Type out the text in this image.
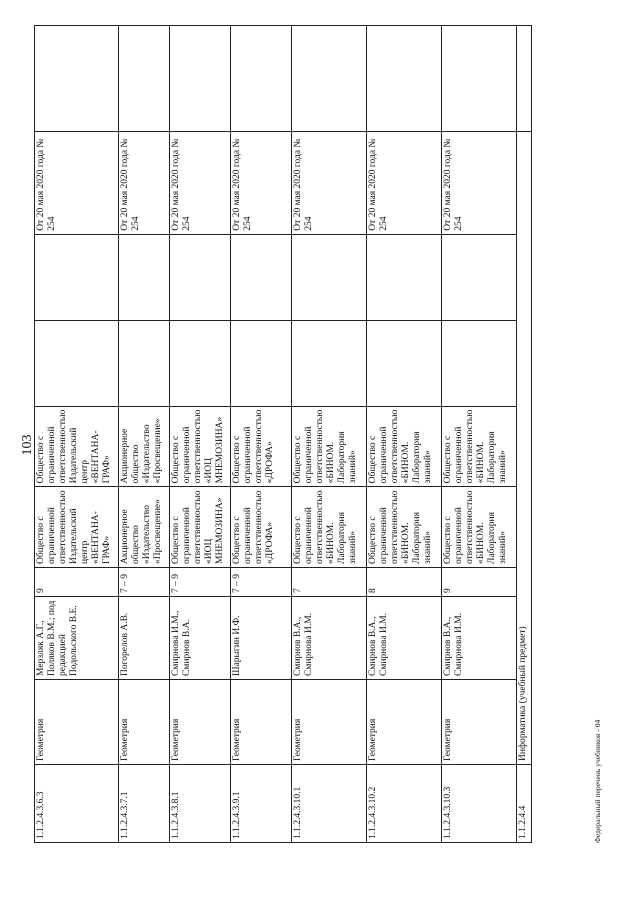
103
1.1.2.4.3.6.3	Геометрия	Мерзляк А.Г., Поляков В.М.; под редакцией Подольского В.Е.	9	Общество с ограниченной ответственностью Издательский центр «ВЕНТАНА-ГРАФ»	Общество с ограниченной ответственностью Издательский центр «ВЕНТАНА-ГРАФ»			От 20 мая 2020 года № 254	
1.1.2.4.3.7.1	Геометрия	Погорелов А.В.	7 – 9	Акционерное общество «Издательство «Просвещение»	Акционерное общество «Издательство «Просвещение»			От 20 мая 2020 года № 254	
1.1.2.4.3.8.1	Геометрия	Смирнова И.М., Смирнов В.А.	7 – 9	Общество с ограниченной ответственностью «ИОЦ МНЕМОЗИНА»	Общество с ограниченной ответственностью «ИОЦ МНЕМОЗИНА»			От 20 мая 2020 года № 254	
1.1.2.4.3.9.1	Геометрия	Шарыгин И.Ф.	7 – 9	Общество с ограниченной ответственностью «ДРОФА»	Общество с ограниченной ответственностью «ДРОФА»			От 20 мая 2020 года № 254	
1.1.2.4.3.10.1	Геометрия	Смирнов В.А., Смирнова И.М.	7	Общество с ограниченной ответственностью «БИНОМ. Лаборатория знаний»	Общество с ограниченной ответственностью «БИНОМ. Лаборатория знаний»			От 20 мая 2020 года № 254	
1.1.2.4.3.10.2	Геометрия	Смирнов В.А., Смирнова И.М.	8	Общество с ограниченной ответственностью «БИНОМ. Лаборатория знаний»	Общество с ограниченной ответственностью «БИНОМ. Лаборатория знаний»			От 20 мая 2020 года № 254	
1.1.2.4.3.10.3	Геометрия	Смирнов В.А., Смирнова И.М.	9	Общество с ограниченной ответственностью «БИНОМ. Лаборатория знаний»	Общество с ограниченной ответственностью «БИНОМ. Лаборатория знаний»			От 20 мая 2020 года № 254	
1.1.2.4.4	Информатика (учебный предмет)								
Федеральный перечень учебников - 04
